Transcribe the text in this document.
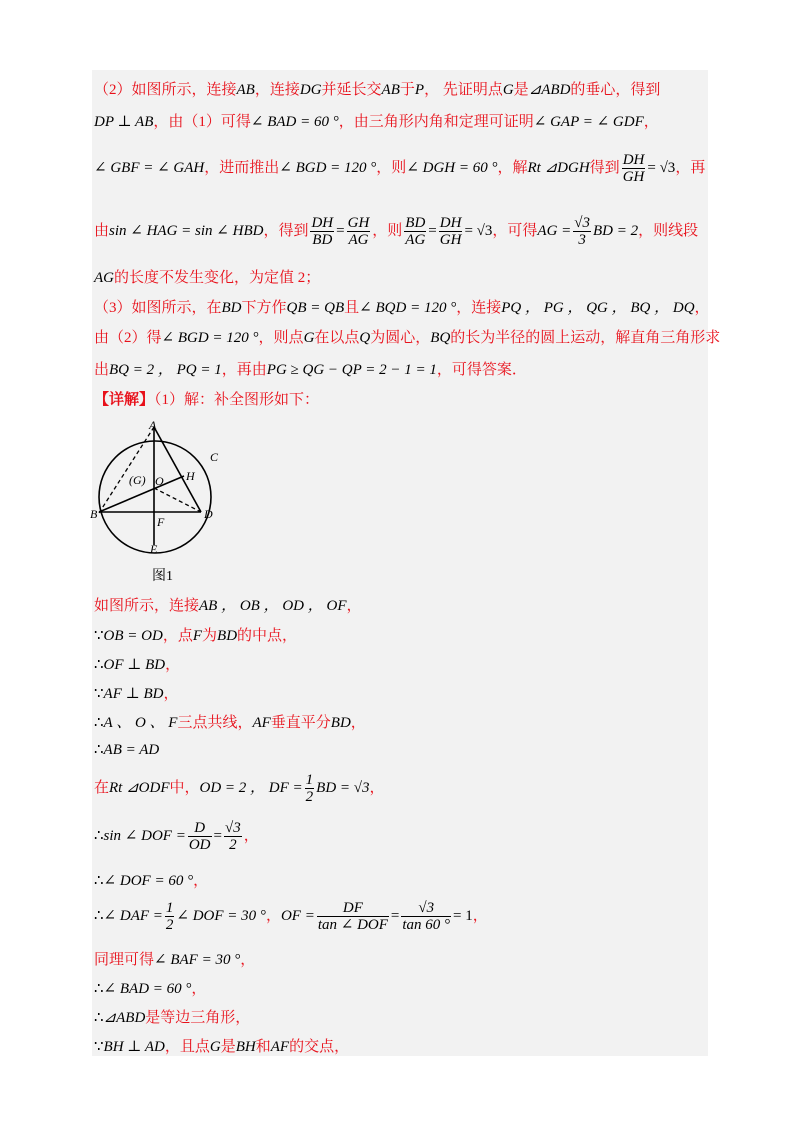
（2）如图所示，连接AB，连接DG并延长交AB于P， 先证明点G是⊿ABD的垂心，得到
DP ⊥ AB，由（1）可得∠ BAD = 60 °，由三角形内角和定理可证明∠ GAP = ∠ GDF，
∠ GBF = ∠ GAH，进而推出∠ BGD = 120 °，则∠ DGH = 60 °，解Rt ⊿DGH得到 $\frac{DH}{GH} = √3$，再
由sin ∠ HAG = sin ∠ HBD，得到 $\frac{DH}{BD} = \frac{GH}{AG}$ ，则 $\frac{BD}{AG} = \frac{DH}{GH} = √3$，可得AG = $\frac{√3}{3}$ BD = 2，则线段
AG的长度不发生变化，为定值 2；
（3）如图所示，在BD下方作QB = QB且∠ BQD = 120 °，连接PQ ， PG ， QG ， BQ ， DQ，
由（2）得∠ BGD = 120 °，则点G在以点Q为圆心，BQ的长为半径的圆上运动，解直角三角形求
出BQ = 2 ， PQ = 1，再由PG ≥ QG − QP = 2 − 1 = 1，可得答案．
【详解】（1）解：补全图形如下：
A
C
H
O
(G)
B	D
F
E
图1
如图所示，连接AB ， OB ， OD ， OF，
∵OB = OD，点F为BD的中点，
∴OF ⊥ BD，
∵AF ⊥ BD，
∴A 、 O 、 F三点共线，AF垂直平分BD，
∴AB = AD
在Rt ⊿ODF中，OD = 2 ， DF = $\frac{1}{2}$ BD = √3，
∴sin ∠ DOF = $\frac{D}{OD} = \frac{√3}{2}$ ，
∴∠ DOF = 60 °，
∴∠ DAF = $\frac{1}{2}$ ∠ DOF = 30 °，OF = $\frac{DF}{\text{tan ∠ DOF}} = \frac{√3}{\tan 60 ^\circ} = 1$，
同理可得∠ BAF = 30 °，
∴∠ BAD = 60 °，
∴⊿ABD是等边三角形，
∵BH ⊥ AD，且点G是BH和AF的交点，
